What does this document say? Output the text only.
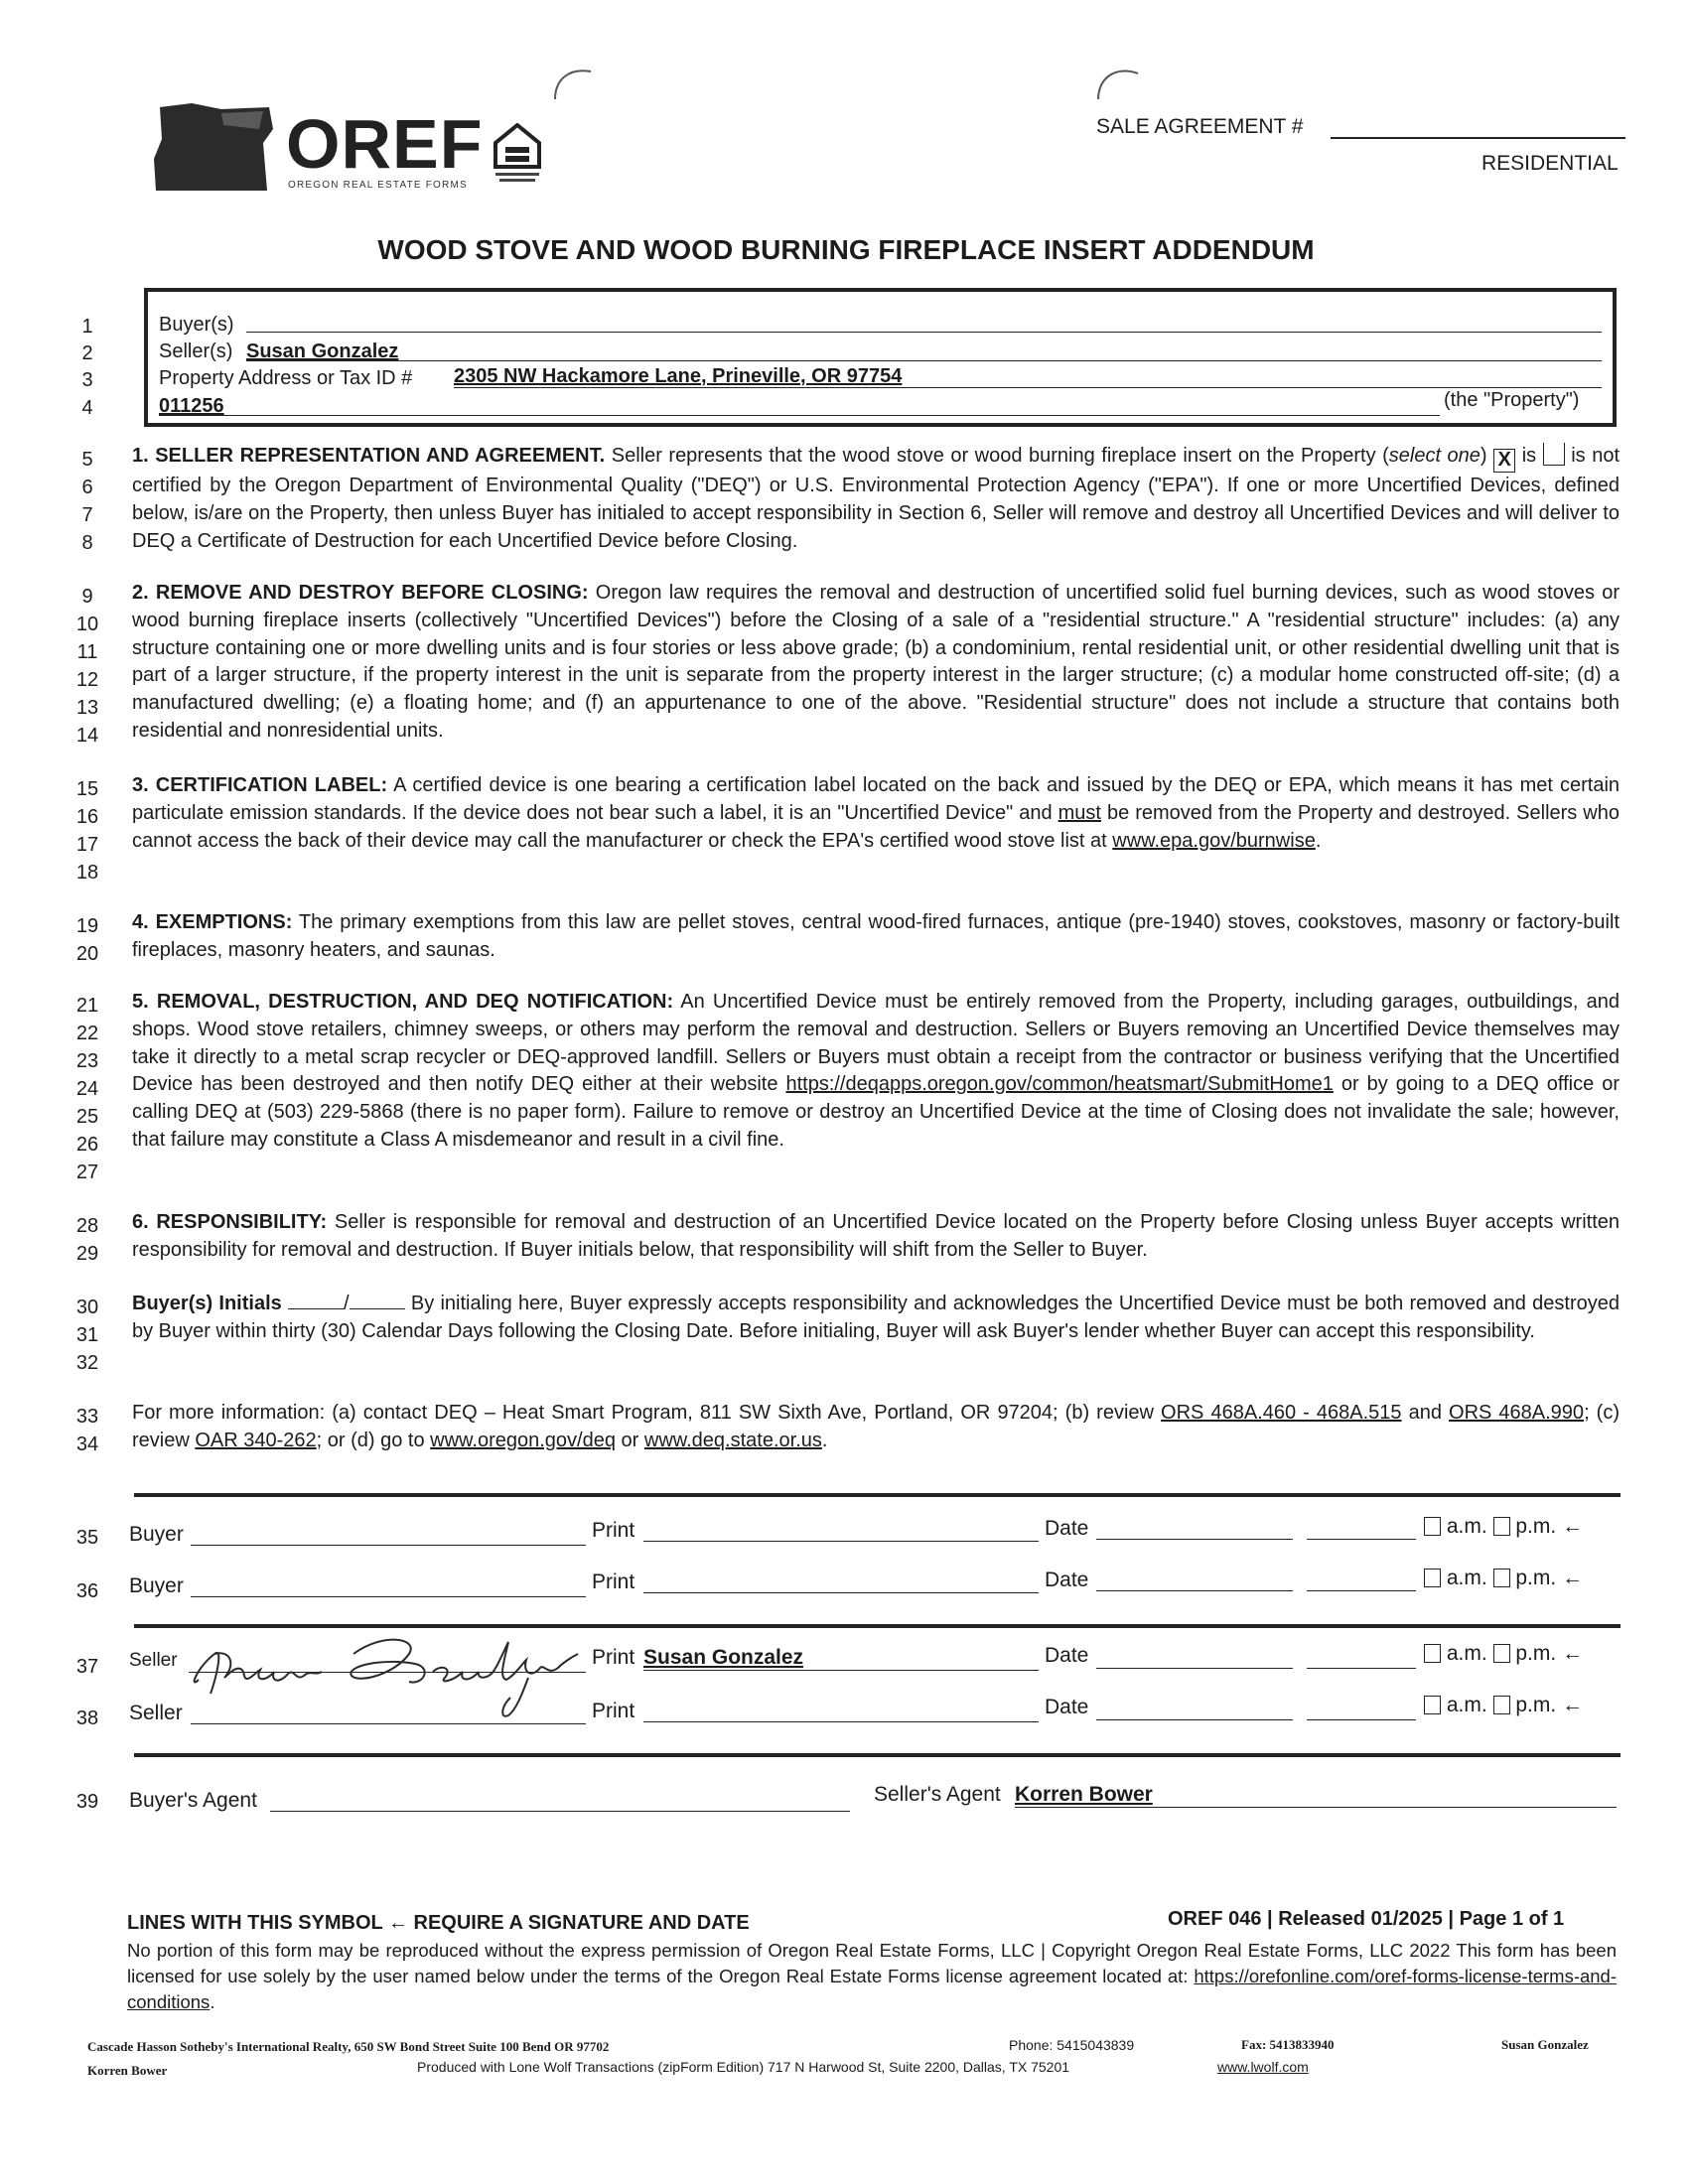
OREF
OREGON REAL ESTATE FORMS
SALE AGREEMENT #
RESIDENTIAL
WOOD STOVE AND WOOD BURNING FIREPLACE INSERT ADDENDUM
1
2
3
4
5
6
7
8
9
10
11
12
13
14
15
16
17
18
19
20
21
22
23
24
25
26
27
28
29
30
31
32
33
34
35
36
37
38
39
Buyer(s)
Seller(s) Susan Gonzalez
Property Address or Tax ID # 2305 NW Hackamore Lane, Prineville, OR 97754
011256	(the "Property")
1. SELLER REPRESENTATION AND AGREEMENT. Seller represents that the wood stove or wood burning fireplace insert on the Property (select one) X is is not certified by the Oregon Department of Environmental Quality ("DEQ") or U.S. Environmental Protection Agency ("EPA"). If one or more Uncertified Devices, defined below, is/are on the Property, then unless Buyer has initialed to accept responsibility in Section 6, Seller will remove and destroy all Uncertified Devices and will deliver to DEQ a Certificate of Destruction for each Uncertified Device before Closing.
2. REMOVE AND DESTROY BEFORE CLOSING: Oregon law requires the removal and destruction of uncertified solid fuel burning devices, such as wood stoves or wood burning fireplace inserts (collectively "Uncertified Devices") before the Closing of a sale of a "residential structure." A "residential structure" includes: (a) any structure containing one or more dwelling units and is four stories or less above grade; (b) a condominium, rental residential unit, or other residential dwelling unit that is part of a larger structure, if the property interest in the unit is separate from the property interest in the larger structure; (c) a modular home constructed off-site; (d) a manufactured dwelling; (e) a floating home; and (f) an appurtenance to one of the above. "Residential structure" does not include a structure that contains both residential and nonresidential units.
3. CERTIFICATION LABEL: A certified device is one bearing a certification label located on the back and issued by the DEQ or EPA, which means it has met certain particulate emission standards. If the device does not bear such a label, it is an "Uncertified Device" and must be removed from the Property and destroyed. Sellers who cannot access the back of their device may call the manufacturer or check the EPA's certified wood stove list at www.epa.gov/burnwise.
4. EXEMPTIONS: The primary exemptions from this law are pellet stoves, central wood-fired furnaces, antique (pre-1940) stoves, cookstoves, masonry or factory-built fireplaces, masonry heaters, and saunas.
5. REMOVAL, DESTRUCTION, AND DEQ NOTIFICATION: An Uncertified Device must be entirely removed from the Property, including garages, outbuildings, and shops. Wood stove retailers, chimney sweeps, or others may perform the removal and destruction. Sellers or Buyers removing an Uncertified Device themselves may take it directly to a metal scrap recycler or DEQ-approved landfill. Sellers or Buyers must obtain a receipt from the contractor or business verifying that the Uncertified Device has been destroyed and then notify DEQ either at their website https://deqapps.oregon.gov/common/heatsmart/SubmitHome1 or by going to a DEQ office or calling DEQ at (503) 229-5868 (there is no paper form). Failure to remove or destroy an Uncertified Device at the time of Closing does not invalidate the sale; however, that failure may constitute a Class A misdemeanor and result in a civil fine.
6. RESPONSIBILITY: Seller is responsible for removal and destruction of an Uncertified Device located on the Property before Closing unless Buyer accepts written responsibility for removal and destruction. If Buyer initials below, that responsibility will shift from the Seller to Buyer.
Buyer(s) Initials	/	By initialing here, Buyer expressly accepts responsibility and acknowledges the Uncertified Device must be both removed and destroyed by Buyer within thirty (30) Calendar Days following the Closing Date. Before initialing, Buyer will ask Buyer's lender whether Buyer can accept this responsibility.
For more information: (a) contact DEQ – Heat Smart Program, 811 SW Sixth Ave, Portland, OR 97204; (b) review ORS 468A.460 - 468A.515 and ORS 468A.990; (c) review OAR 340-262; or (d) go to www.oregon.gov/deq or www.deq.state.or.us.
Buyer	Print	Date	a.m. p.m. ←
Buyer	Print	Date	a.m. p.m. ←
Seller	Print Susan Gonzalez	Date	a.m. p.m. ←
Seller	Print	Date	a.m. p.m. ←
Buyer's Agent	Seller's Agent Korren Bower
LINES WITH THIS SYMBOL ← REQUIRE A SIGNATURE AND DATE	OREF 046 | Released 01/2025 | Page 1 of 1
No portion of this form may be reproduced without the express permission of Oregon Real Estate Forms, LLC | Copyright Oregon Real Estate Forms, LLC 2022 This form has been licensed for use solely by the user named below under the terms of the Oregon Real Estate Forms license agreement located at: https://orefonline.com/oref-forms-license-terms-and-conditions.
Cascade Hasson Sotheby's International Realty, 650 SW Bond Street Suite 100 Bend OR 97702	Phone: 5415043839	Fax: 5413833940	Susan Gonzalez
Korren Bower	Produced with Lone Wolf Transactions (zipForm Edition) 717 N Harwood St, Suite 2200, Dallas, TX 75201	www.lwolf.com
